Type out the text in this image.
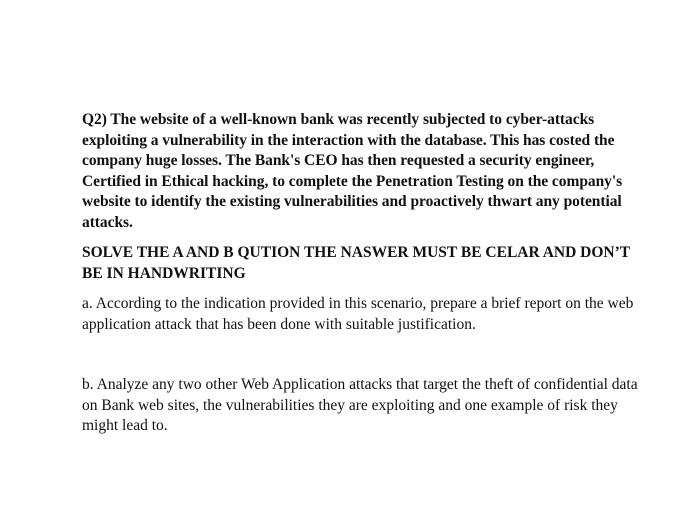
Q2) The website of a well-known bank was recently subjected to cyber-attacks exploiting a vulnerability in the interaction with the database. This has costed the company huge losses. The Bank's CEO has then requested a security engineer, Certified in Ethical hacking, to complete the Penetration Testing on the company's website to identify the existing vulnerabilities and proactively thwart any potential attacks.

SOLVE THE A AND B QUTION THE NASWER MUST BE CELAR AND DON’T BE IN HANDWRITING

a. According to the indication provided in this scenario, prepare a brief report on the web application attack that has been done with suitable justification.

b. Analyze any two other Web Application attacks that target the theft of confidential data on Bank web sites, the vulnerabilities they are exploiting and one example of risk they might lead to.
